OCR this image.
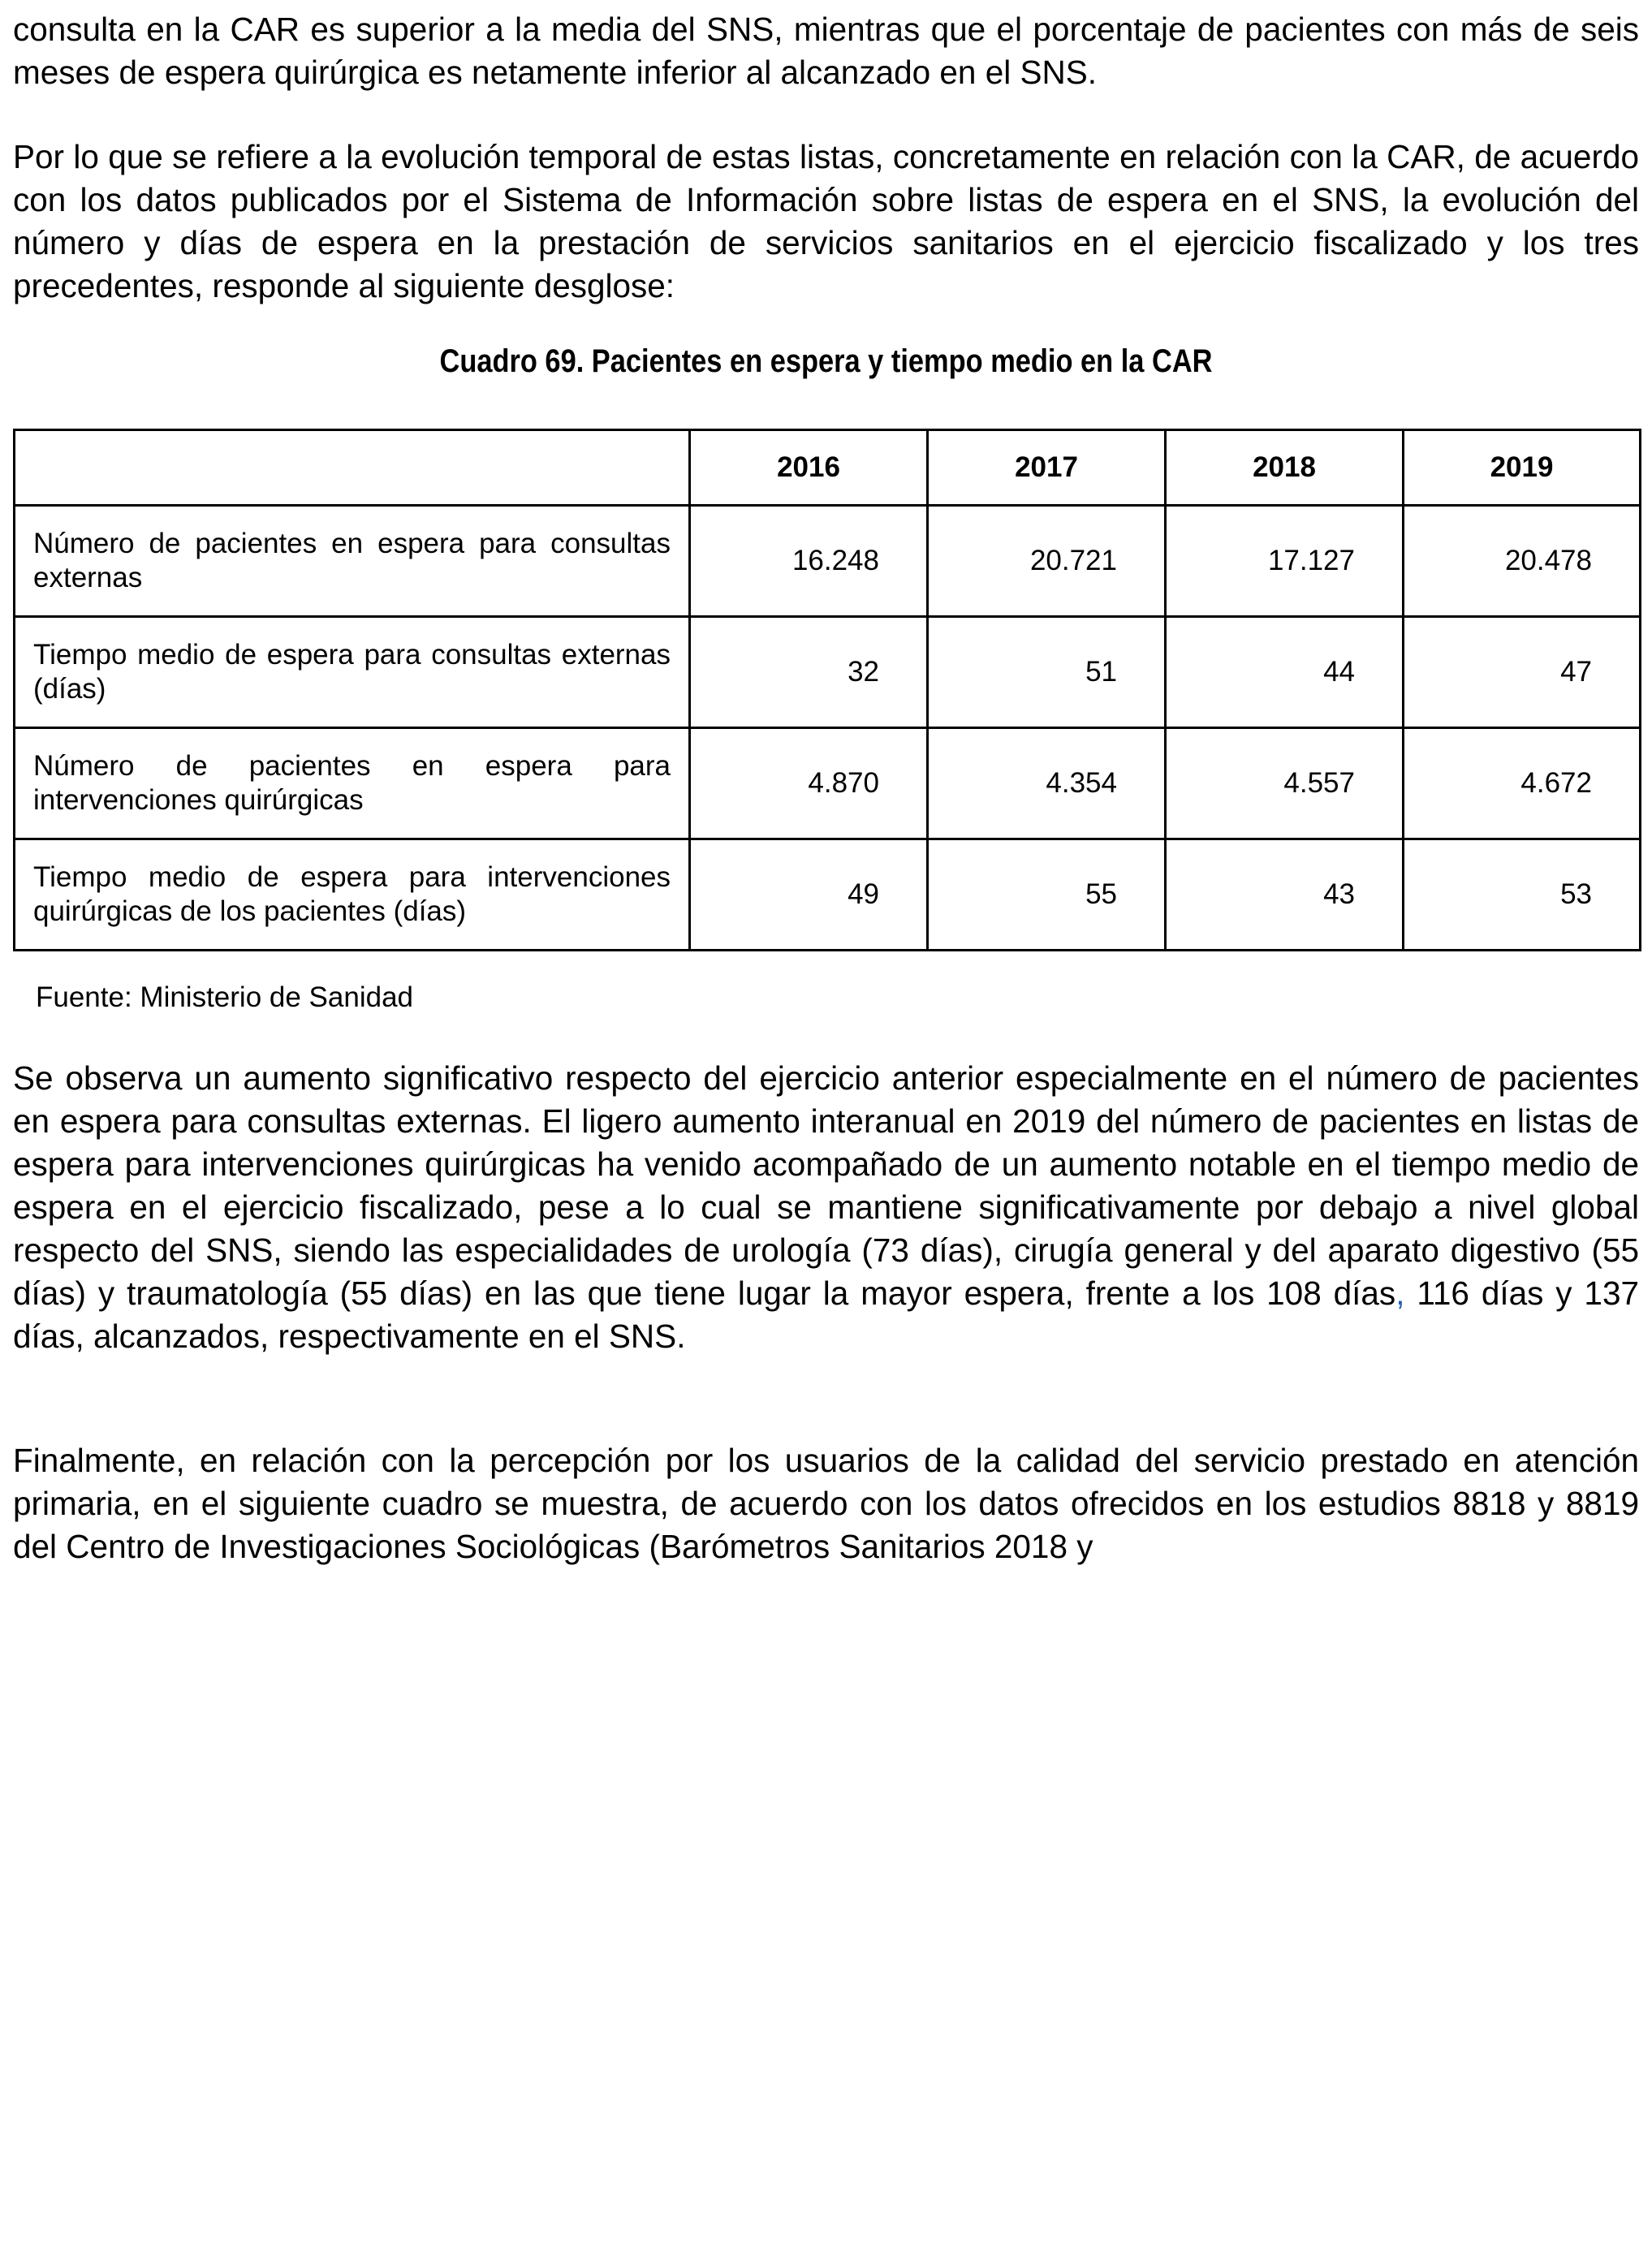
consulta en la CAR es superior a la media del SNS, mientras que el porcentaje de pacientes con más de seis meses de espera quirúrgica es netamente inferior al alcanzado en el SNS.

Por lo que se refiere a la evolución temporal de estas listas, concretamente en relación con la CAR, de acuerdo con los datos publicados por el Sistema de Información sobre listas de espera en el SNS, la evolución del número y días de espera en la prestación de servicios sanitarios en el ejercicio fiscalizado y los tres precedentes, responde al siguiente desglose:

Cuadro 69. Pacientes en espera y tiempo medio en la CAR
	2016	2017	2018	2019
Número de pacientes en espera para consultas externas	16.248	20.721	17.127	20.478
Tiempo medio de espera para consultas externas (días)	32	51	44	47
Número de pacientes en espera para intervenciones quirúrgicas	4.870	4.354	4.557	4.672
Tiempo medio de espera para intervenciones quirúrgicas de los pacientes (días)	49	55	43	53
Fuente: Ministerio de Sanidad

Se observa un aumento significativo respecto del ejercicio anterior especialmente en el número de pacientes en espera para consultas externas. El ligero aumento interanual en 2019 del número de pacientes en listas de espera para intervenciones quirúrgicas ha venido acompañado de un aumento notable en el tiempo medio de espera en el ejercicio fiscalizado, pese a lo cual se mantiene significativamente por debajo a nivel global respecto del SNS, siendo las especialidades de urología (73 días), cirugía general y del aparato digestivo (55 días) y traumatología (55 días) en las que tiene lugar la mayor espera, frente a los 108 días, 116 días y 137 días, alcanzados, respectivamente en el SNS.

Finalmente, en relación con la percepción por los usuarios de la calidad del servicio prestado en atención primaria, en el siguiente cuadro se muestra, de acuerdo con los datos ofrecidos en los estudios 8818 y 8819 del Centro de Investigaciones Sociológicas (Barómetros Sanitarios 2018 y
